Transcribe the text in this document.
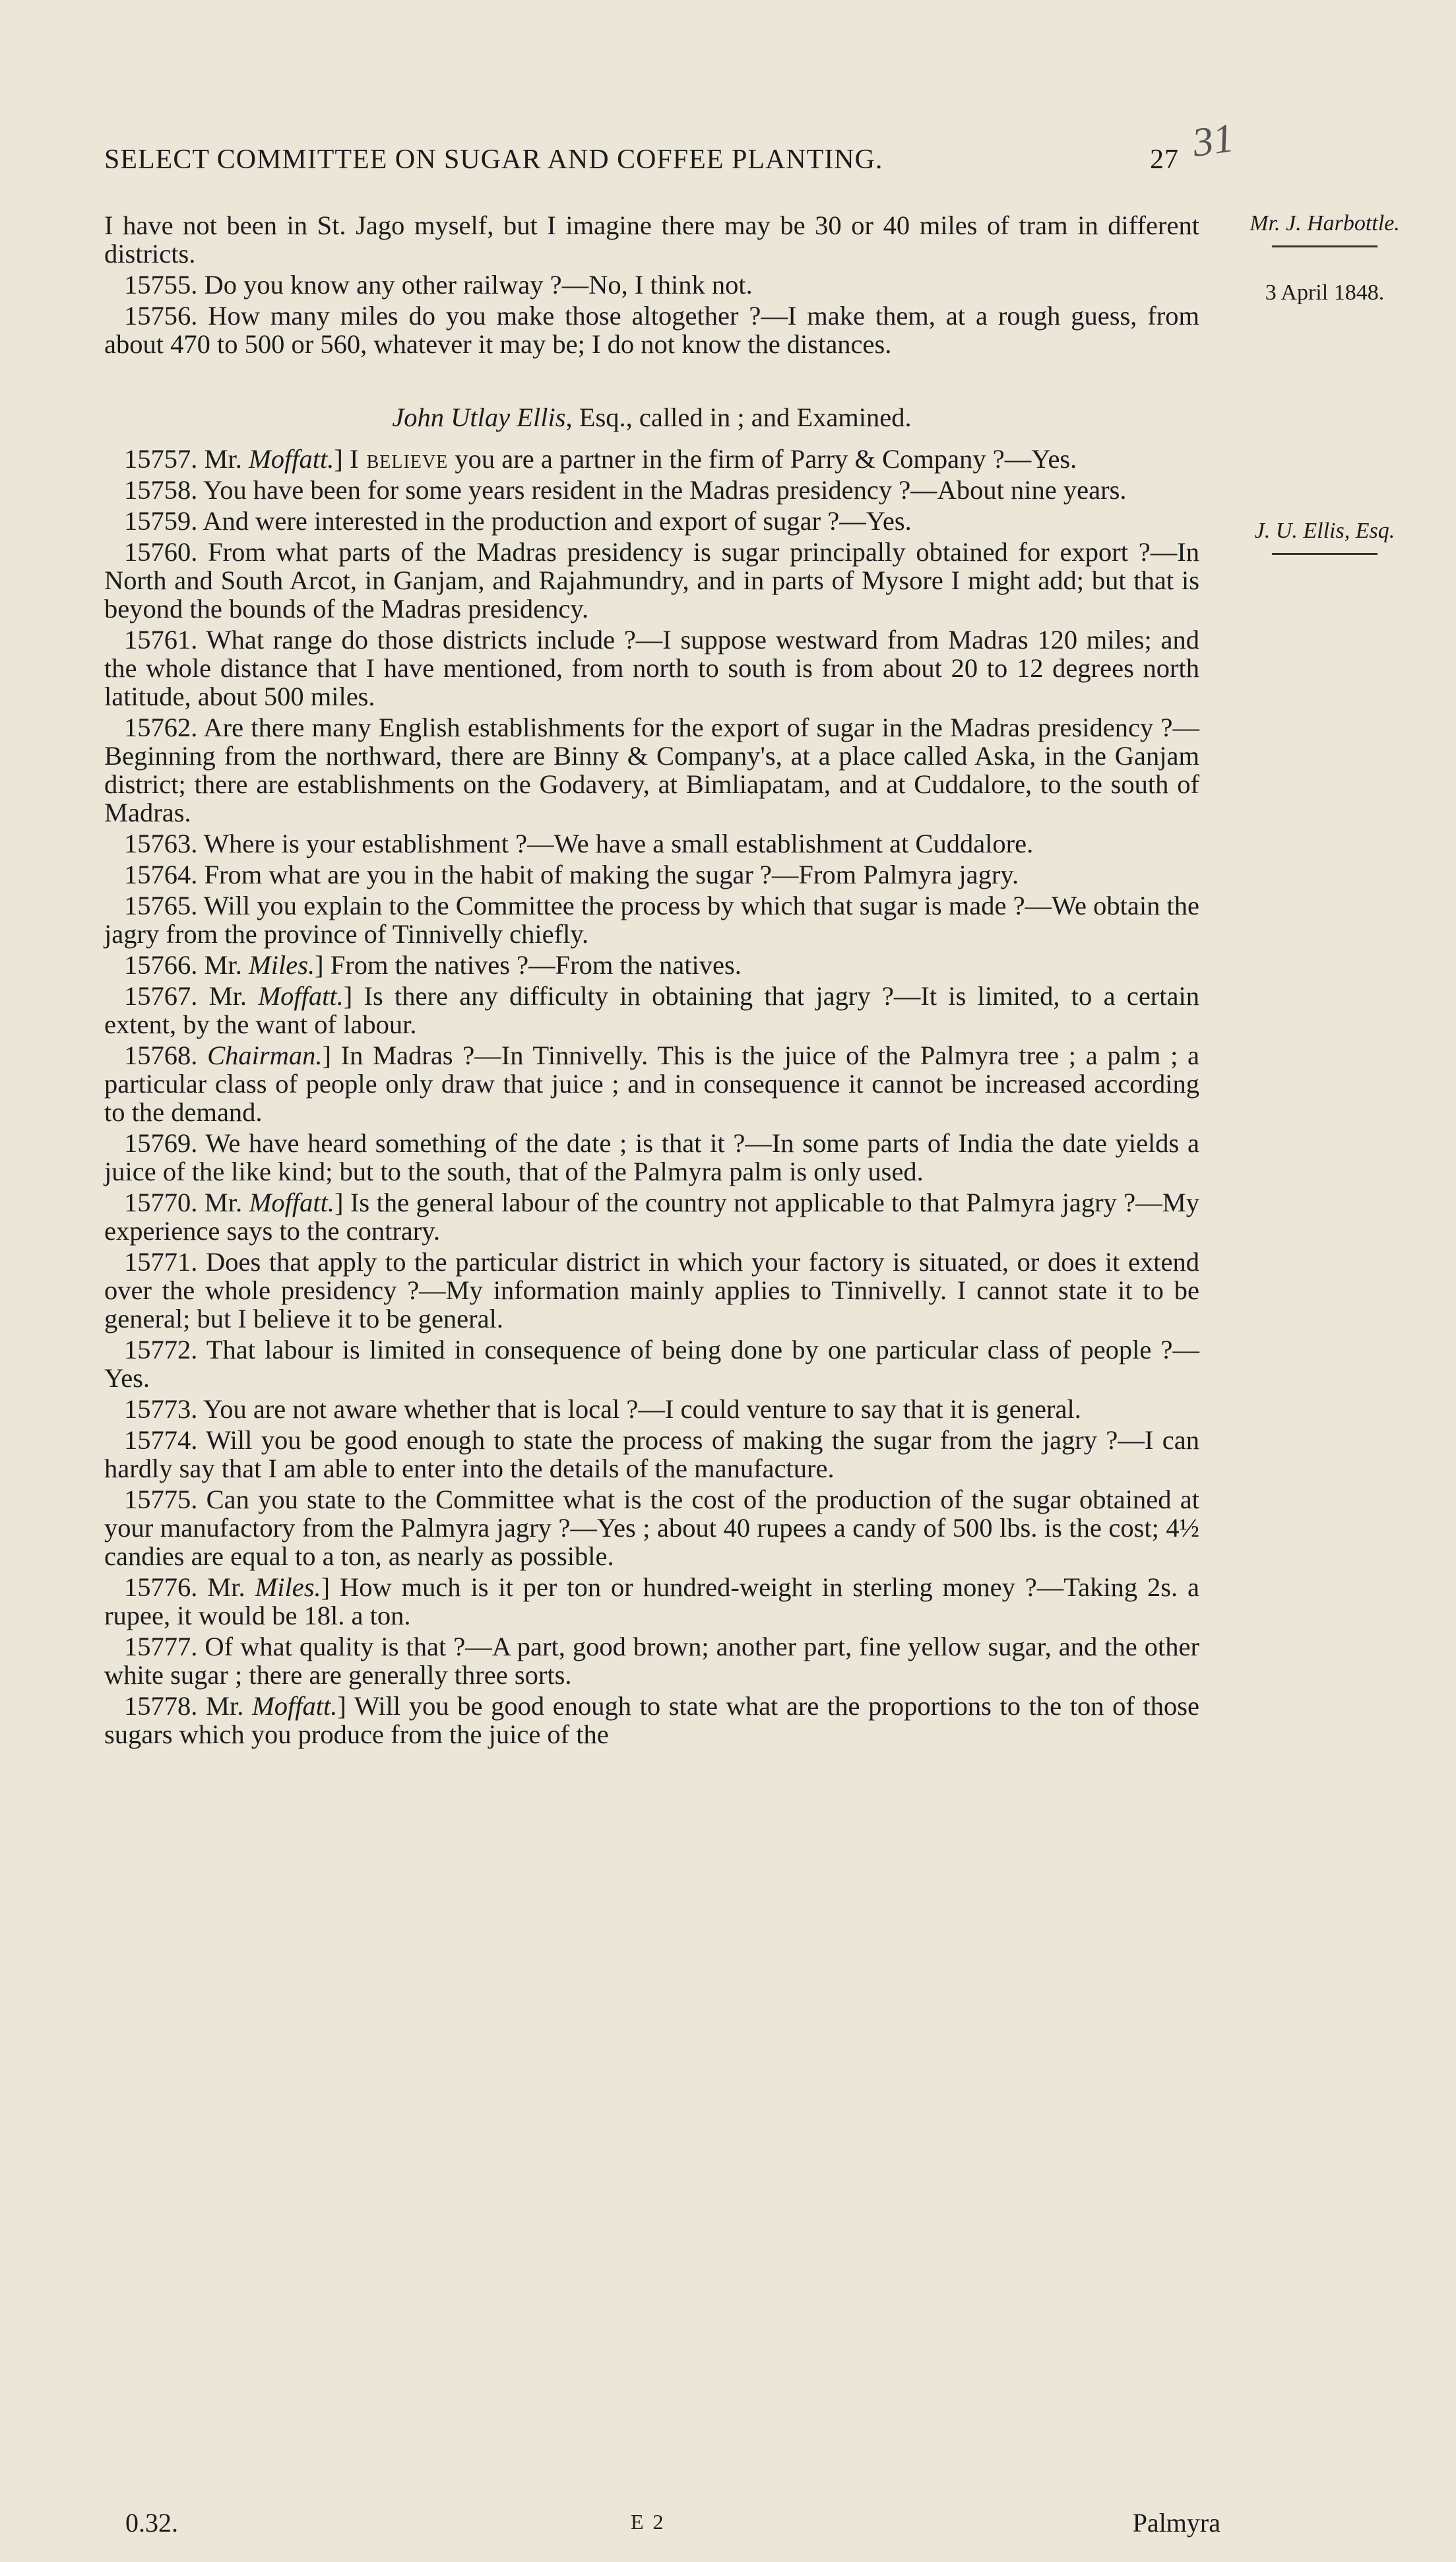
SELECT COMMITTEE ON SUGAR AND COFFEE PLANTING.	27 31
Mr. J. Harbottle.
3 April 1848.
J. U. Ellis, Esq.

I have not been in St. Jago myself, but I imagine there may be 30 or 40 miles of tram in different districts.

15755. Do you know any other railway ?—No, I think not.

15756. How many miles do you make those altogether ?—I make them, at a rough guess, from about 470 to 500 or 560, whatever it may be; I do not know the distances.

John Utlay Ellis, Esq., called in ; and Examined.

15757. Mr. Moffatt.] I believe you are a partner in the firm of Parry & Company ?—Yes.

15758. You have been for some years resident in the Madras presidency ?—About nine years.

15759. And were interested in the production and export of sugar ?—Yes.

15760. From what parts of the Madras presidency is sugar principally obtained for export ?—In North and South Arcot, in Ganjam, and Rajahmundry, and in parts of Mysore I might add; but that is beyond the bounds of the Madras presidency.

15761. What range do those districts include ?—I suppose westward from Madras 120 miles; and the whole distance that I have mentioned, from north to south is from about 20 to 12 degrees north latitude, about 500 miles.

15762. Are there many English establishments for the export of sugar in the Madras presidency ?—Beginning from the northward, there are Binny & Company's, at a place called Aska, in the Ganjam district; there are establishments on the Godavery, at Bimliapatam, and at Cuddalore, to the south of Madras.

15763. Where is your establishment ?—We have a small establishment at Cuddalore.

15764. From what are you in the habit of making the sugar ?—From Palmyra jagry.

15765. Will you explain to the Committee the process by which that sugar is made ?—We obtain the jagry from the province of Tinnivelly chiefly.

15766. Mr. Miles.] From the natives ?—From the natives.

15767. Mr. Moffatt.] Is there any difficulty in obtaining that jagry ?—It is limited, to a certain extent, by the want of labour.

15768. Chairman.] In Madras ?—In Tinnivelly. This is the juice of the Palmyra tree ; a palm ; a particular class of people only draw that juice ; and in consequence it cannot be increased according to the demand.

15769. We have heard something of the date ; is that it ?—In some parts of India the date yields a juice of the like kind; but to the south, that of the Palmyra palm is only used.

15770. Mr. Moffatt.] Is the general labour of the country not applicable to that Palmyra jagry ?—My experience says to the contrary.

15771. Does that apply to the particular district in which your factory is situated, or does it extend over the whole presidency ?—My information mainly applies to Tinnivelly. I cannot state it to be general; but I believe it to be general.

15772. That labour is limited in consequence of being done by one particular class of people ?—Yes.

15773. You are not aware whether that is local ?—I could venture to say that it is general.

15774. Will you be good enough to state the process of making the sugar from the jagry ?—I can hardly say that I am able to enter into the details of the manufacture.

15775. Can you state to the Committee what is the cost of the production of the sugar obtained at your manufactory from the Palmyra jagry ?—Yes ; about 40 rupees a candy of 500 lbs. is the cost; 4½ candies are equal to a ton, as nearly as possible.

15776. Mr. Miles.] How much is it per ton or hundred-weight in sterling money ?—Taking 2s. a rupee, it would be 18l. a ton.

15777. Of what quality is that ?—A part, good brown; another part, fine yellow sugar, and the other white sugar ; there are generally three sorts.

15778. Mr. Moffatt.] Will you be good enough to state what are the proportions to the ton of those sugars which you produce from the juice of the

0.32.	E 2	Palmyra
